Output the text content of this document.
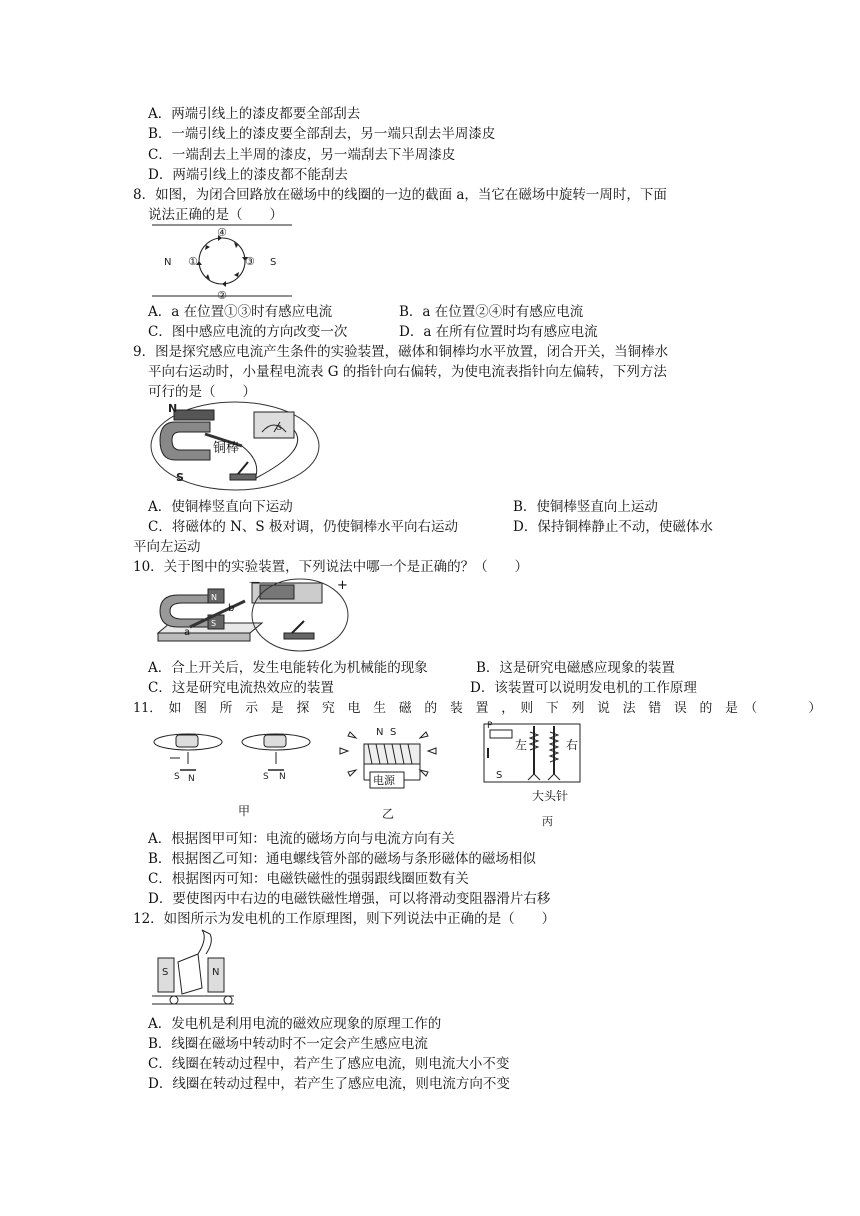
A．两端引线上的漆皮都要全部刮去
B．一端引线上的漆皮要全部刮去，另一端只刮去半周漆皮
C．一端刮去上半周的漆皮，另一端刮去下半周漆皮
D．两端引线上的漆皮都不能刮去
8．如图，为闭合回路放在磁场中的线圈的一边的截面 a，当它在磁场中旋转一周时，下面
说法正确的是（　　）
N	S
①
②
③
④
A．a 在位置①③时有感应电流	B．a 在位置②④时有感应电流
C．图中感应电流的方向改变一次	D．a 在所有位置时均有感应电流
9．图是探究感应电流产生条件的实验装置，磁体和铜棒均水平放置，闭合开关，当铜棒水
平向右运动时，小量程电流表 G 的指针向右偏转，为使电流表指针向左偏转，下列方法
可行的是（　　）
N
S
铜棒
G
A．使铜棒竖直向下运动	B．使铜棒竖直向上运动
C．将磁体的 N、S 极对调，仍使铜棒水平向右运动	D．保持铜棒静止不动，使磁体水
平向左运动
10．关于图中的实验装置，下列说法中哪一个是正确的？（　　）
－	+
N
S
a
b
A．合上开关后，发生电能转化为机械能的现象	B．这是研究电磁感应现象的装置
C．这是研究电流热效应的装置	D．该装置可以说明发电机的工作原理
11．　如　图　所　示　是　探　究　电　生　磁　的　装　置　，　则　下　列　说　法　错　误　的　是　（　　　　）
S N	S N
甲
N S
电源
乙
P
左	右
S
大头针
丙
A．根据图甲可知：电流的磁场方向与电流方向有关
B．根据图乙可知：通电螺线管外部的磁场与条形磁体的磁场相似
C．根据图丙可知：电磁铁磁性的强弱跟线圈匝数有关
D．要使图丙中右边的电磁铁磁性增强，可以将滑动变阻器滑片右移
12．如图所示为发电机的工作原理图，则下列说法中正确的是（　　）
S	N
A．发电机是利用电流的磁效应现象的原理工作的
B．线圈在磁场中转动时不一定会产生感应电流
C．线圈在转动过程中，若产生了感应电流，则电流大小不变
D．线圈在转动过程中，若产生了感应电流，则电流方向不变
